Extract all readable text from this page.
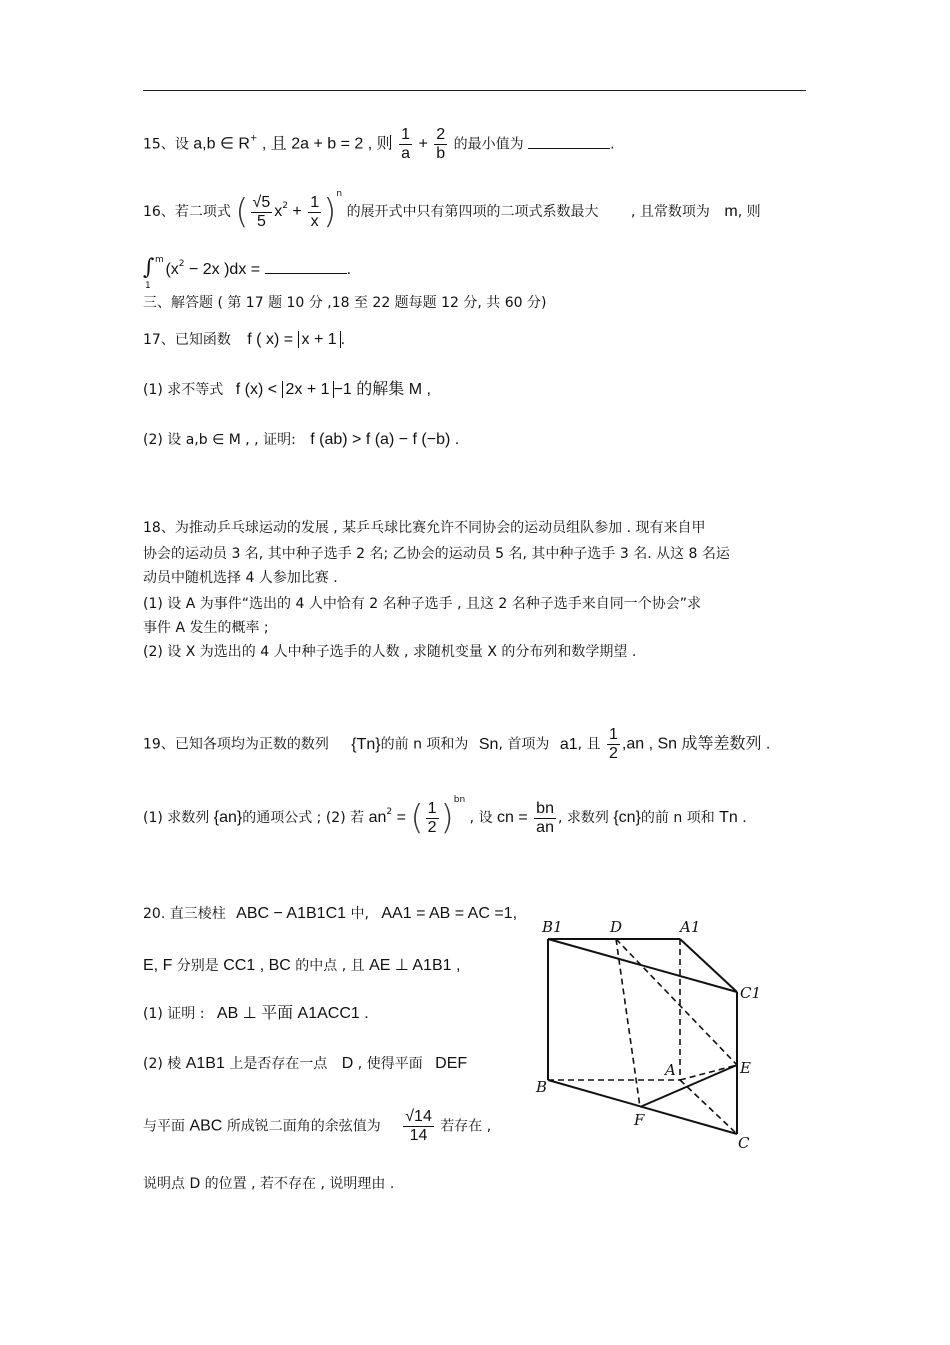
15、设 a,b ∈ R+ , 且 2a + b = 2 , 则 $\frac{1}{a} + \frac{2}{b}$ 的最小值为	.
16、若二项式 ( $\frac{√5}{5} x^2 + \frac{1}{x} )^n$ 的展开式中只有第四项的二项式系数最大 , 且常数项为 m, 则
∫ m
1
($x^2 - 2x$ )dx =	.
三、解答题 ( 第 17 题 10 分 ,18 至 22 题每题 12 分, 共 60 分)
17、已知函数 f ( x) = x + 1 .
(1) 求不等式 f (x) < 2x + 1 −1 的解集 M ,
(2) 设 a,b ∈ M , , 证明: f (ab) > f (a) − f (−b) .
18、为推动乒乓球运动的发展 , 某乒乓球比赛允许不同协会的运动员组队参加 . 现有来自甲
协会的运动员 3 名, 其中种子选手 2 名; 乙协会的运动员 5 名, 其中种子选手 3 名. 从这 8 名运
动员中随机选择 4 人参加比赛 .
(1) 设 A 为事件“选出的 4 人中恰有 2 名种子选手 , 且这 2 名种子选手来自同一个协会”求
事件 A 发生的概率 ;
(2) 设 X 为选出的 4 人中种子选手的人数 , 求随机变量 X 的分布列和数学期望 .
19、已知各项均为正数的数列 {Tn}的前 n 项和为 Sn, 首项为 a1, 且 $\frac{1}{2} ,an$ , Sn 成等差数列 .
(1) 求数列 {an}的通项公式 ; (2) 若 $an^2$ = ( $\frac{1}{2} )^{bn}$ , 设 cn = $\frac{bn}{an}$ , 求数列 {cn}的前 n 项和 Tn .
20. 直三棱柱 ABC − A1B1C1 中, AA1 = AB = AC =1,
E, F 分别是 CC1 , BC 的中点 , 且 AE ⊥ A1B1 ,
(1) 证明 : AB ⊥ 平面 A1ACC1 .
(2) 棱 A1B1 上是否存在一点 D , 使得平面 DEF
与平面 ABC 所成锐二面角的余弦值为 $\frac{√14}{14}$ 若存在 ,
说明点 D 的位置 , 若不存在 , 说明理由 .
B1	D	A1
C1
A	E
B
F
C
